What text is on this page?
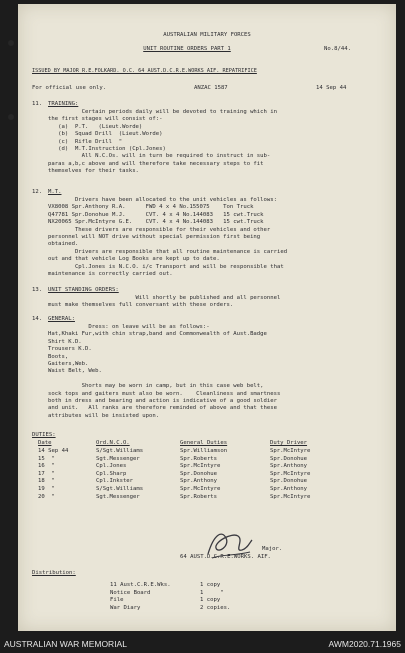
AUSTRALIAN MILITARY FORCES
UNIT ROUTINE ORDERS PART 1	No.8/44.
ISSUED BY MAJOR R.E.FOLKARD. O.C. 64 AUST.D.C.R.E.WORKS AIF. REPATRIFICE
For official use only.	ANZAC 1587	14 Sep 44
11. TRAINING:
Certain periods daily will be devoted to training which in
the first stages will consist of:-
(a)  P.T.   (Lieut.Worde)
(b)  Squad Drill  (Lieut.Worde)
(c)  Rifle Drill  "
(d)  M.T.Instruction (Cpl.Jones)
All N.C.Os. will in turn be required to instruct in sub-
paras a,b,c above and will therefore take necessary steps to fit
themselves for their tasks.
12. M.T.
Drivers have been allocated to the unit vehicles as follows:
VX8008 Spr.Anthony R.A.      FWD 4 x 4 No.155075    Ton Truck
Q47781 Spr.Donohue M.J.      CVT. 4 x 4 No.144083   15 cwt.Truck
NX20065 Spr.McIntyre G.E.    CVT. 4 x 4 No.144083   15 cwt.Truck
These drivers are responsible for their vehicles and other
personnel will NOT drive without special permission first being
obtained.
Drivers are responsible that all routine maintenance is carried
out and that vehicle Log Books are kept up to date.
Cpl.Jones is N.C.O. i/c Transport and will be responsible that
maintenance is correctly carried out.
13. UNIT STANDING ORDERS:
Will shortly be published and all personnel
must make themselves full conversant with these orders.
14. GENERAL:
Dress: on leave will be as follows:-
Hat,Khaki Fur,with chin strap,band and Commonwealth of Aust.Badge
Shirt K.D.
Trousers K.D.
Boots,
Gaiters,Web.
Waist Belt, Web.
Shorts may be worn in camp, but in this case web belt,
sock tops and gaiters must also be worn.    Cleanliness and smartness
both in dress and bearing and action is indicative of a good soldier
and unit.   All ranks are therefore reminded of above and that these
attributes will be insisted upon.
DUTIES:
Date	Ord.N.C.O.	General Duties	Duty Driver
14 Sep 44	S/Sgt.Williams	Spr.Williamson	Spr.McIntyre
15  "	Sgt.Messenger	Spr.Roberts	Spr.Donohue
16  "	Cpl.Jones	Spr.McIntyre	Spr.Anthony
17  "	Cpl.Sharp	Spr.Donohue	Spr.McIntyre
18  "	Cpl.Inkster	Spr.Anthony	Spr.Donohue
19  "	S/Sgt.Williams	Spr.McIntyre	Spr.Anthony
20  "	Sgt.Messenger	Spr.Roberts	Spr.McIntyre
Major.
64 AUST.D.C.R.E.WORKS. AIF.
Distribution:
11 Aust.C.R.E.Wks.	1 copy
Notice Board	1     "
File	1 copy
War Diary	2 copies.
AUSTRALIAN WAR MEMORIAL	AWM2020.71.1965
